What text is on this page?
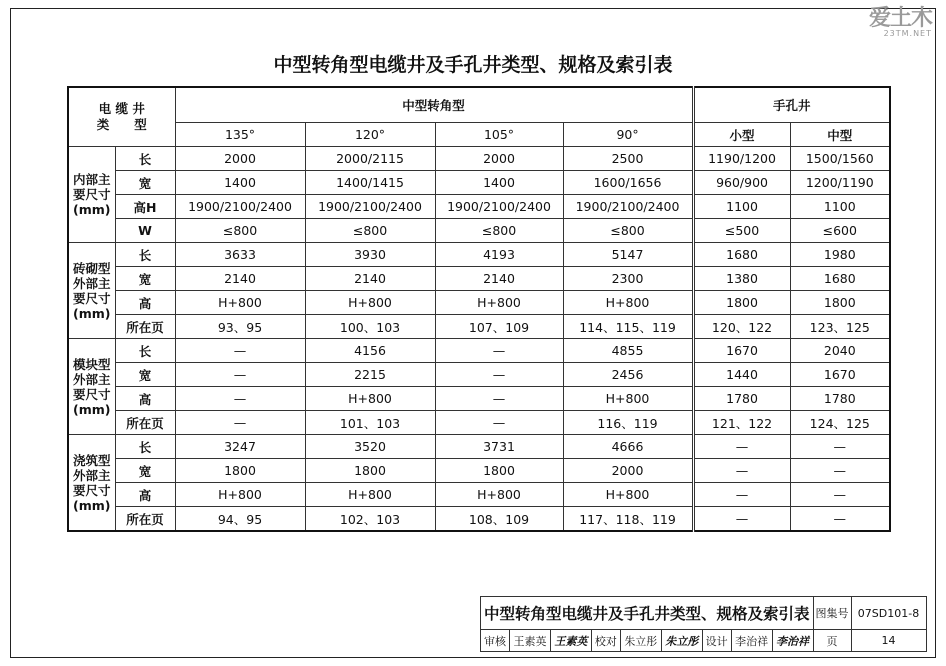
爱土木
23TM.NET
中型转角型电缆井及手孔井类型、规格及索引表
电 缆 井
类　　型		中型转角型				手孔井	
		135°	120°	105°	90°	小型	中型
内部主要尺寸(mm)	长	2000	2000/2115	2000	2500	1190/1200	1500/1560
	宽	1400	1400/1415	1400	1600/1656	960/900	1200/1190
	高H	1900/2100/2400	1900/2100/2400	1900/2100/2400	1900/2100/2400	1100	1100
	W	≤800	≤800	≤800	≤800	≤500	≤600
砖砌型外部主要尺寸(mm)	长	3633	3930	4193	5147	1680	1980
	宽	2140	2140	2140	2300	1380	1680
	高	H+800	H+800	H+800	H+800	1800	1800
	所在页	93、95	100、103	107、109	114、115、119	120、122	123、125
模块型外部主要尺寸(mm)	长	—	4156	—	4855	1670	2040
	宽	—	2215	—	2456	1440	1670
	高	—	H+800	—	H+800	1780	1780
	所在页	—	101、103	—	116、119	121、122	124、125
浇筑型外部主要尺寸(mm)	长	3247	3520	3731	4666	—	—
	宽	1800	1800	1800	2000	—	—
	高	H+800	H+800	H+800	H+800	—	—
	所在页	94、95	102、103	108、109	117、118、119	—	—
中型转角型电缆井及手孔井类型、规格及索引表									图集号	07SD101-8
审核	王素英	王素英	校对	朱立彤	朱立彤	设计	李治祥	李治祥	页	14
